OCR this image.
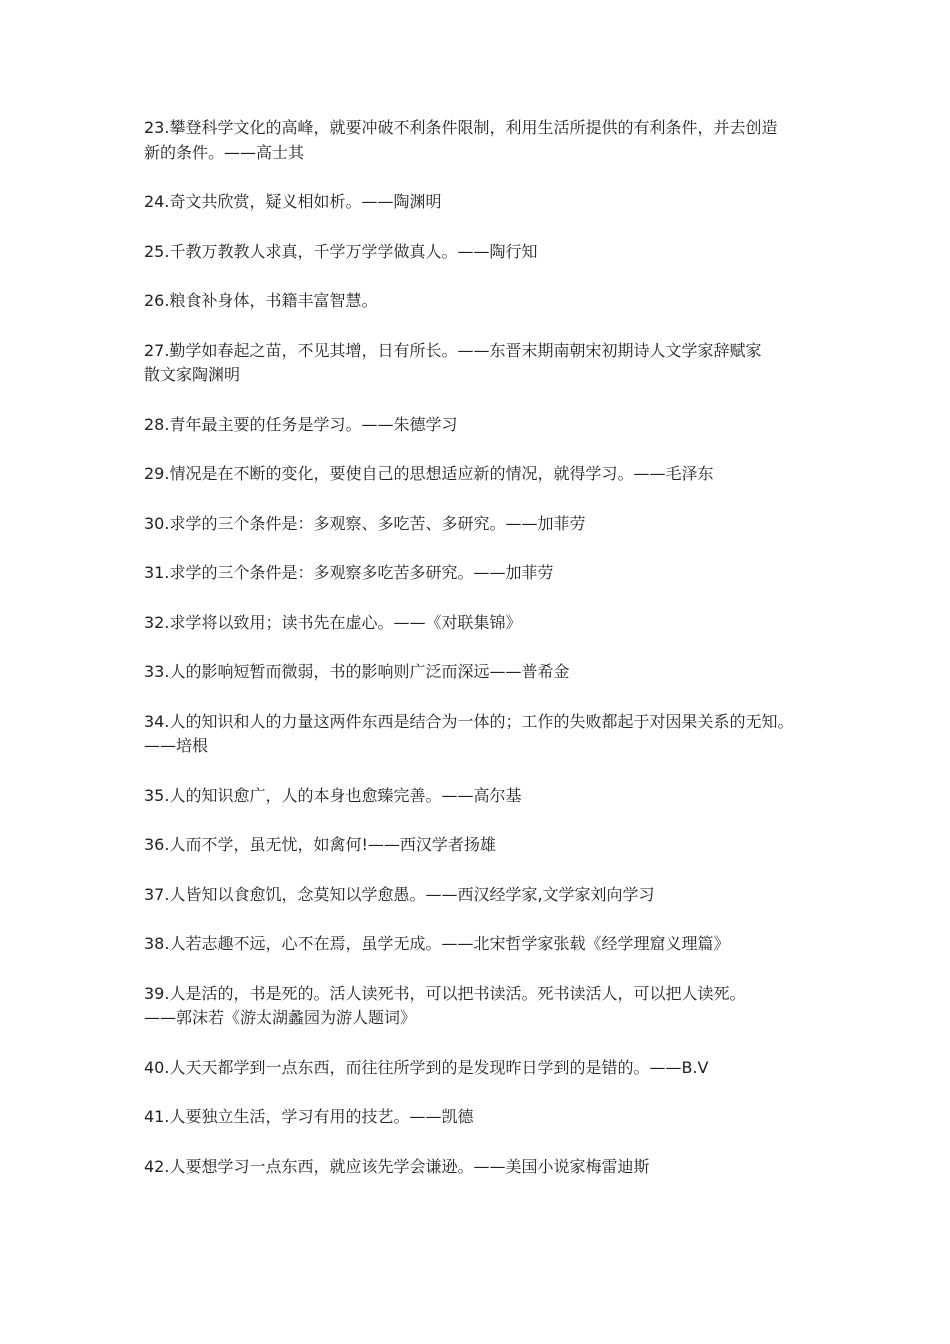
23.攀登科学文化的高峰，就要冲破不利条件限制，利用生活所提供的有利条件，并去创造
新的条件。——高士其

24.奇文共欣赏，疑义相如析。——陶渊明

25.千教万教教人求真，千学万学学做真人。——陶行知

26.粮食补身体，书籍丰富智慧。

27.勤学如春起之苗，不见其增，日有所长。——东晋末期南朝宋初期诗人文学家辞赋家
散文家陶渊明

28.青年最主要的任务是学习。——朱德学习

29.情况是在不断的变化，要使自己的思想适应新的情况，就得学习。——毛泽东

30.求学的三个条件是：多观察、多吃苦、多研究。——加菲劳

31.求学的三个条件是：多观察多吃苦多研究。——加菲劳

32.求学将以致用；读书先在虚心。——《对联集锦》

33.人的影响短暂而微弱，书的影响则广泛而深远——普希金

34.人的知识和人的力量这两件东西是结合为一体的；工作的失败都起于对因果关系的无知。
——培根

35.人的知识愈广，人的本身也愈臻完善。——高尔基

36.人而不学，虽无忧，如禽何!——西汉学者扬雄

37.人皆知以食愈饥，念莫知以学愈愚。——西汉经学家,文学家刘向学习

38.人若志趣不远，心不在焉，虽学无成。——北宋哲学家张载《经学理窟义理篇》

39.人是活的，书是死的。活人读死书，可以把书读活。死书读活人，可以把人读死。
——郭沫若《游太湖蠡园为游人题词》

40.人天天都学到一点东西，而往往所学到的是发现昨日学到的是错的。——B.V

41.人要独立生活，学习有用的技艺。——凯德

42.人要想学习一点东西，就应该先学会谦逊。——美国小说家梅雷迪斯
